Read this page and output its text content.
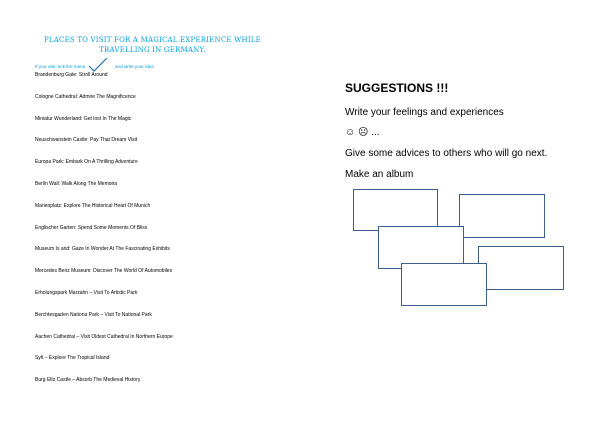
PLACES TO VISIT FOR A MAGICAL EXPERIENCE WHILE TRAVELLING IN GERMANY.
If you visit, tick the name	and write your idea
Brandenburg Gate: Stroll Around
Cologne Cathedral: Admire The Magnificence
Miniatur Wunderland: Get lost In The Magic
Neuschwanstein Castle: Pay That Dream Visit
Europa Park: Embark On A Thrilling Adventure
Berlin Wall: Walk Along The Memoria
Marienplatz: Explore The Historical Heart Of Munich
Englischer Garten: Spend Some Moments Of Bliss
Museum Is and: Gaze In Wonder At The Fascinating Exhibits
Mercedes Benz Museum: Discover The World Of Automobiles
Erholungspark Marzahn – Visit To Artistic Park
Berchtesgaden Nationa Park – Visit To National Park
Aachen Cathedral – Visit Oldest Cathedral In Northern Europe
Sylt – Explore The Tropical Island
Burg Eltz Castle – Absorb The Medieval History
SUGGESTIONS !!!
Write your feelings and experiences
☺ ☹ ...
Give some advices to others who will go next.
Make an album
